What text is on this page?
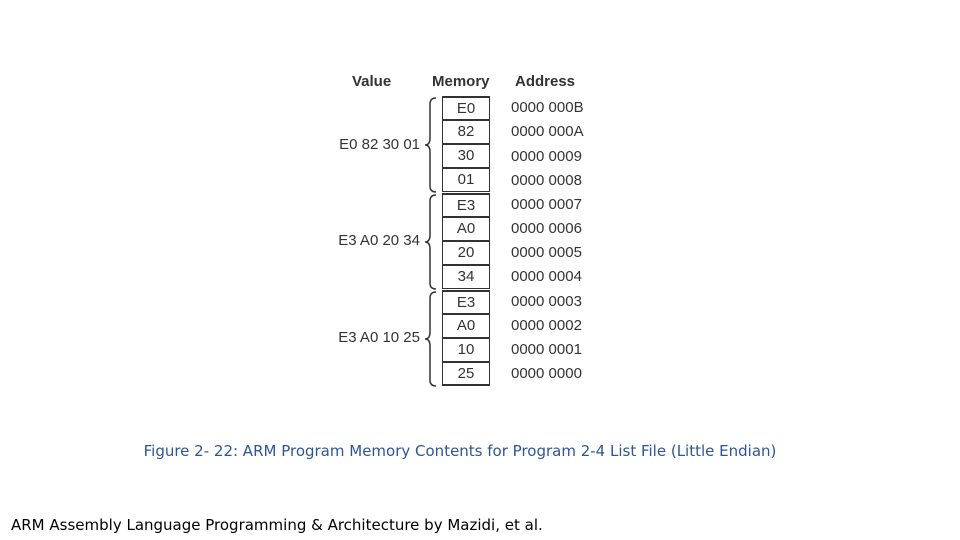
Value	Memory Address
E0 82 30 01
E3 A0 20 34
E3 A0 10 25
E0
82
30
01
E3
A0
20
34
E3
A0
10
25
0000 000B
0000 000A
0000 0009
0000 0008
0000 0007
0000 0006
0000 0005
0000 0004
0000 0003
0000 0002
0000 0001
0000 0000
Figure 2- 22: ARM Program Memory Contents for Program 2-4 List File (Little Endian)
ARM Assembly Language Programming & Architecture by Mazidi, et al.
